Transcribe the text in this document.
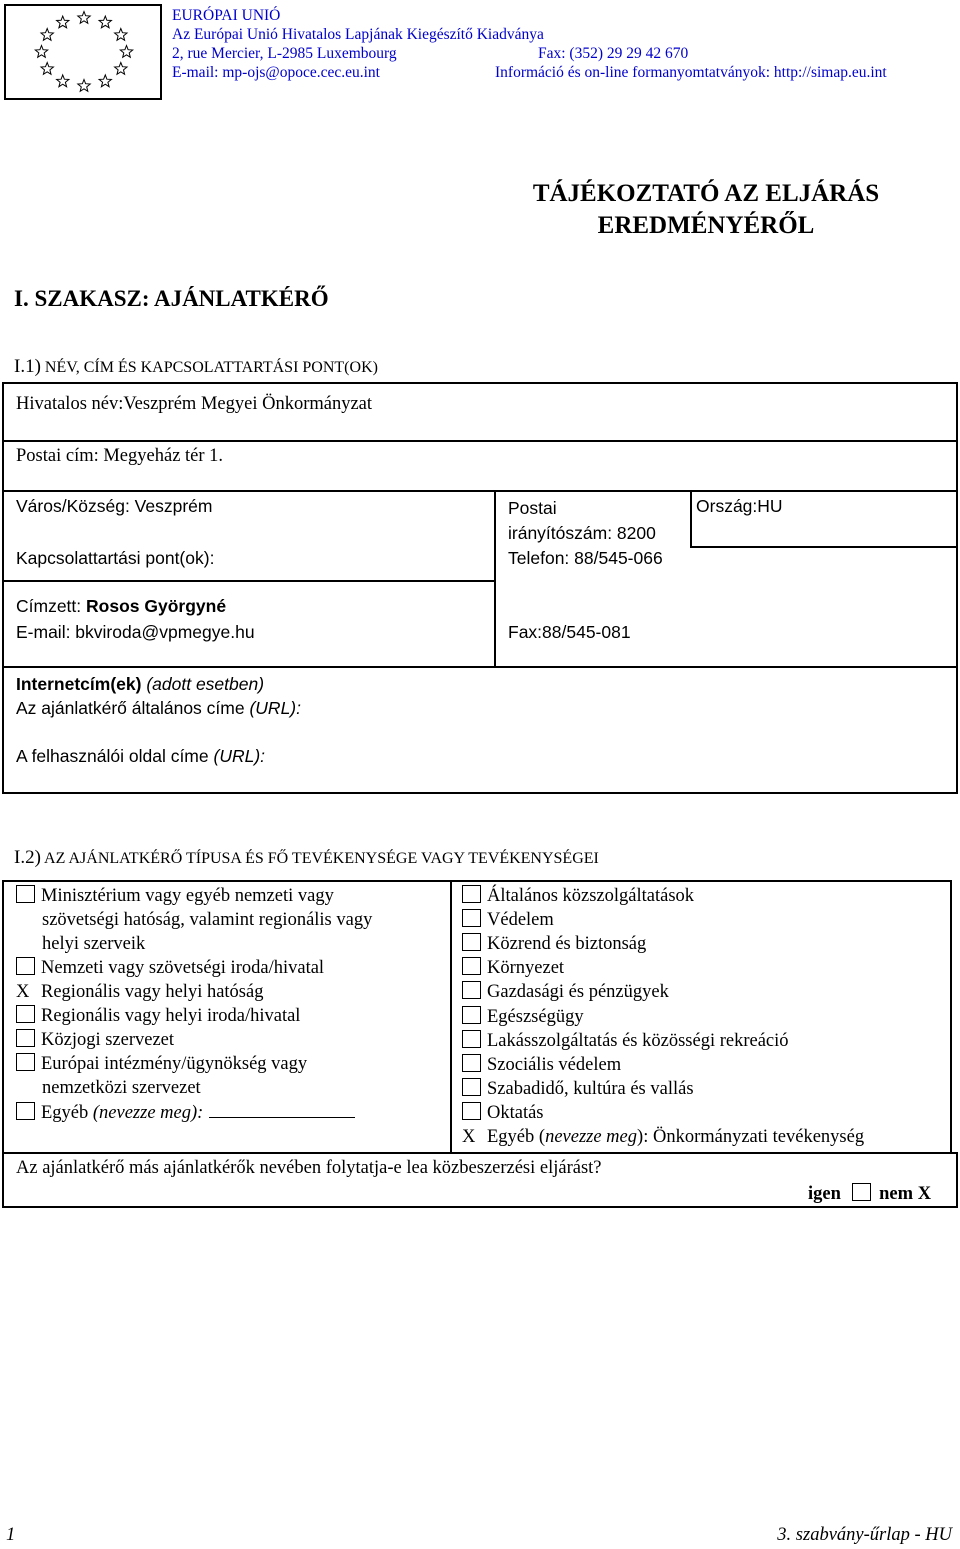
EURÓPAI UNIÓ
Az Európai Unió Hivatalos Lapjának Kiegészítő Kiadványa
2, rue Mercier, L-2985 Luxembourg	Fax: (352) 29 29 42 670
E-mail: mp-ojs@opoce.cec.eu.int	Információ és on-line formanyomtatványok: http://simap.eu.int
TÁJÉKOZTATÓ AZ ELJÁRÁS
EREDMÉNYÉRŐL
I. SZAKASZ: AJÁNLATKÉRŐ
I.1) NÉV, CÍM ÉS KAPCSOLATTARTÁSI PONT(OK)
Hivatalos név:Veszprém Megyei Önkormányzat
Postai cím: Megyeház tér 1.
Város/Község: Veszprém	Postai
irányítószám: 8200
Ország:HU
Kapcsolattartási pont(ok):	Telefon: 88/545-066
Címzett: Rosos Györgyné
E-mail: bkviroda@vpmegye.hu	Fax:88/545-081
Internetcím(ek) (adott esetben)
Az ajánlatkérő általános címe (URL):
A felhasználói oldal címe (URL):
I.2) AZ AJÁNLATKÉRŐ TÍPUSA ÉS FŐ TEVÉKENYSÉGE VAGY TEVÉKENYSÉGEI
Az ajánlatkérő más ajánlatkérők nevében folytatja-e lea közbeszerzési eljárást?
igen nem X
Minisztérium vagy egyéb nemzeti vagy
szövetségi hatóság, valamint regionális vagy
helyi szerveik
Nemzeti vagy szövetségi iroda/hivatal
X Regionális vagy helyi hatóság
Regionális vagy helyi iroda/hivatal
Közjogi szervezet
Európai intézmény/ügynökség vagy
nemzetközi szervezet
Egyéb (nevezze meg):
Általános közszolgáltatások
Védelem
Közrend és biztonság
Környezet
Gazdasági és pénzügyek
Egészségügy
Lakásszolgáltatás és közösségi rekreáció
Szociális védelem
Szabadidő, kultúra és vallás
Oktatás
X Egyéb (nevezze meg): Önkormányzati tevékenység
1	3. szabvány-űrlap - HU
